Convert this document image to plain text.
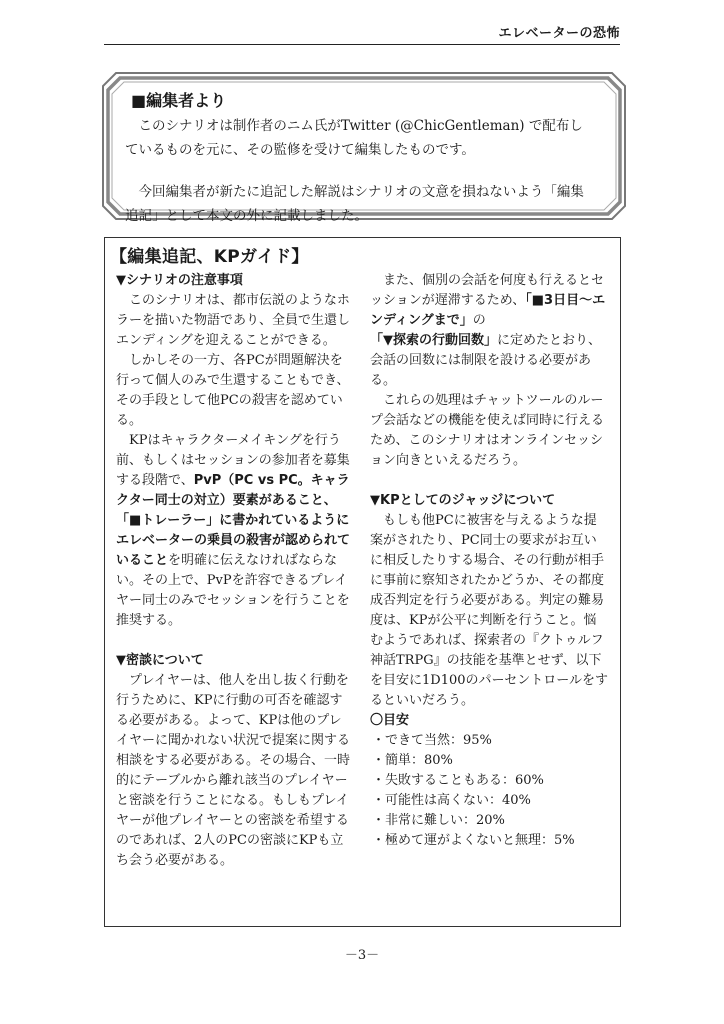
エレベーターの恐怖
■編集者より

このシナリオは制作者のニム氏がTwitter (@ChicGentleman) で配布しているものを元に、その監修を受けて編集したものです。

今回編集者が新たに追記した解説はシナリオの文意を損ねないよう「編集追記」として本文の外に記載しました。

【編集追記、KPガイド】
▼シナリオの注意事項
このシナリオは、都市伝説のようなホラーを描いた物語であり、全員で生還しエンディングを迎えることができる。
しかしその一方、各PCが問題解決を行って個人のみで生還することもでき、その手段として他PCの殺害を認めている。
KPはキャラクターメイキングを行う前、もしくはセッションの参加者を募集する段階で、PvP（PC vs PC。キャラクター同士の対立）要素があること、「■トレーラー」に書かれているようにエレベーターの乗員の殺害が認められていることを明確に伝えなければならない。その上で、PvPを許容できるプレイヤー同士のみでセッションを行うことを推奨する。
▼密談について
プレイヤーは、他人を出し抜く行動を行うために、KPに行動の可否を確認する必要がある。よって、KPは他のプレイヤーに聞かれない状況で提案に関する相談をする必要がある。その場合、一時的にテーブルから離れ該当のプレイヤーと密談を行うことになる。もしもプレイヤーが他プレイヤーとの密談を希望するのであれば、2人のPCの密談にKPも立ち会う必要がある。
また、個別の会話を何度も行えるとセッションが遅滞するため、「■3日目～エンディングまで」の「▼探索の行動回数」に定めたとおり、会話の回数には制限を設ける必要がある。
これらの処理はチャットツールのループ会話などの機能を使えば同時に行えるため、このシナリオはオンラインセッション向きといえるだろう。
▼KPとしてのジャッジについて
もしも他PCに被害を与えるような提案がされたり、PC同士の要求がお互いに相反したりする場合、その行動が相手に事前に察知されたかどうか、その都度成否判定を行う必要がある。判定の難易度は、KPが公平に判断を行うこと。悩むようであれば、探索者の『クトゥルフ神話TRPG』の技能を基準とせず、以下を目安に1D100のパーセントロールをするといいだろう。
〇目安
・できて当然：95%
・簡単：80%
・失敗することもある：60%
・可能性は高くない：40%
・非常に難しい：20%
・極めて運がよくないと無理：5%
－3－
